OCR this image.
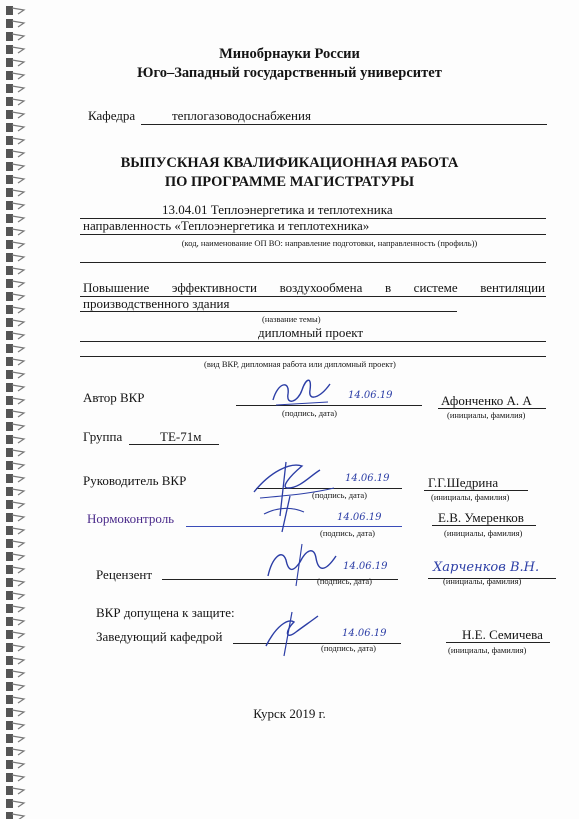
Минобрнауки России
Юго–Западный государственный университет
Кафедра	теплогазоводоснабжения
ВЫПУСКНАЯ КВАЛИФИКАЦИОННАЯ РАБОТА
ПО ПРОГРАММЕ МАГИСТРАТУРЫ
13.04.01 Теплоэнергетика и теплотехника
направленность «Теплоэнергетика и теплотехника»
(код, наименование ОП ВО: направление подготовки, направленность (профиль))
Повышение эффективности воздухообмена в системе вентиляции
производственного здания
(название темы)
дипломный проект
(вид ВКР, дипломная работа или дипломный проект)
Автор ВКР	14.06.19
(подпись, дата)
Афонченко А. А
(инициалы, фамилия)
Группа	ТЕ-71м
Руководитель ВКР	14.06.19
(подпись, дата)
Г.Г.Шедрина
(инициалы, фамилия)
Нормоконтроль	14.06.19
(подпись, дата)
Е.В. Умеренков
(инициалы, фамилия)
Рецензент
14.06.19
(подпись, дата)
Харченков В.Н.
(инициалы, фамилия)
ВКР допущена к защите:
Заведующий кафедрой	14.06.19
(подпись, дата)
Н.Е. Семичева
(инициалы, фамилия)
Курск 2019 г.
